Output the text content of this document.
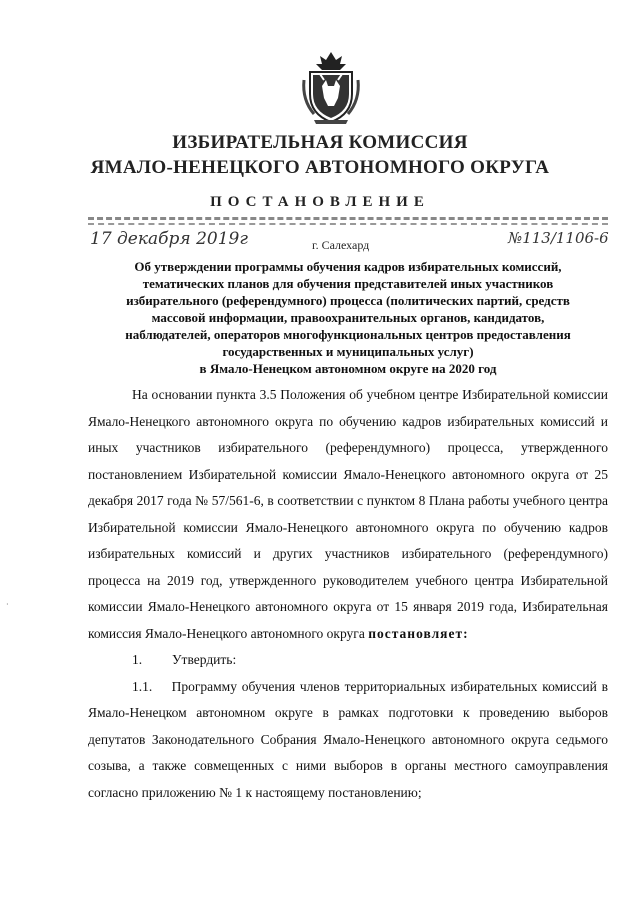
ИЗБИРАТЕЛЬНАЯ КОМИССИЯ
ЯМАЛО-НЕНЕЦКОГО АВТОНОМНОГО ОКРУГА
ПОСТАНОВЛЕНИЕ
17 декабря 2019г	г. Салехард	№113/1106-6
Об утверждении программы обучения кадров избирательных комиссий,
тематических планов для обучения представителей иных участников
избирательного (референдумного) процесса (политических партий, средств
массовой информации, правоохранительных органов, кандидатов,
наблюдателей, операторов многофункциональных центров предоставления
государственных и муниципальных услуг)
в Ямало-Ненецком автономном округе на 2020 год

На основании пункта 3.5 Положения об учебном центре Избирательной комиссии Ямало-Ненецкого автономного округа по обучению кадров избирательных комиссий и иных участников избирательного (референдумного) процесса, утвержденного постановлением Избирательной комиссии Ямало-Ненецкого автономного округа от 25 декабря 2017 года № 57/561-6, в соответствии с пунктом 8 Плана работы учебного центра Избирательной комиссии Ямало-Ненецкого автономного округа по обучению кадров избирательных комиссий и других участников избирательного (референдумного) процесса на 2019 год, утвержденного руководителем учебного центра Избирательной комиссии Ямало-Ненецкого автономного округа от 15 января 2019 года, Избирательная комиссия Ямало-Ненецкого автономного округа постановляет:

1. Утвердить:

1.1. Программу обучения членов территориальных избирательных комиссий в Ямало-Ненецком автономном округе в рамках подготовки к проведению выборов депутатов Законодательного Собрания Ямало-Ненецкого автономного округа седьмого созыва, а также совмещенных с ними выборов в органы местного самоуправления согласно приложению № 1 к настоящему постановлению;

·
